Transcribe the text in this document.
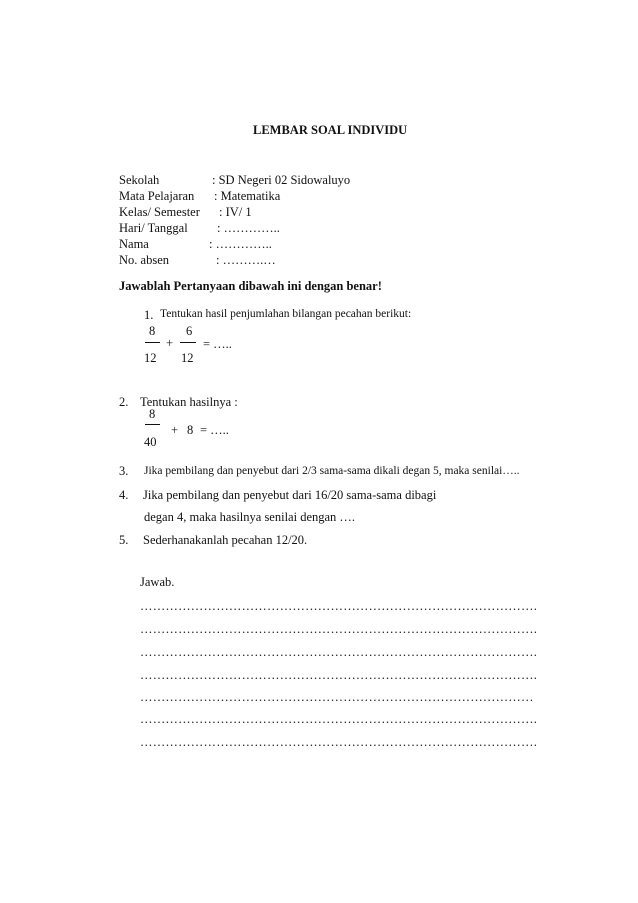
LEMBAR SOAL INDIVIDU
Sekolah	: SD Negeri 02 Sidowaluyo
Mata Pelajaran : Matematika
Kelas/ Semester : IV/ 1
Hari/ Tanggal : …………..
Nama	: …………..
No. absen	: ……….…
Jawablah Pertanyaan dibawah ini dengan benar!
1. Tentukan hasil penjumlahan bilangan pecahan berikut:
8
12
+
6
12
= …..
2. Tentukan hasilnya :
8
40
+ 8 = …..
3. Jika pembilang dan penyebut dari 2/3 sama-sama dikali degan 5, maka senilai…..
4. Jika pembilang dan penyebut dari 16/20 sama-sama dibagi
degan 4, maka hasilnya senilai dengan ….
5. Sederhanakanlah pecahan 12/20.
Jawab.
………………………………………………………………………………….
………………………………………………………………………………….
………………………………………………………………………………….
………………………………………………………………………………….
…………………………………………………………………………………
………………………………………………………………………………….
………………………………………………………………………………….
